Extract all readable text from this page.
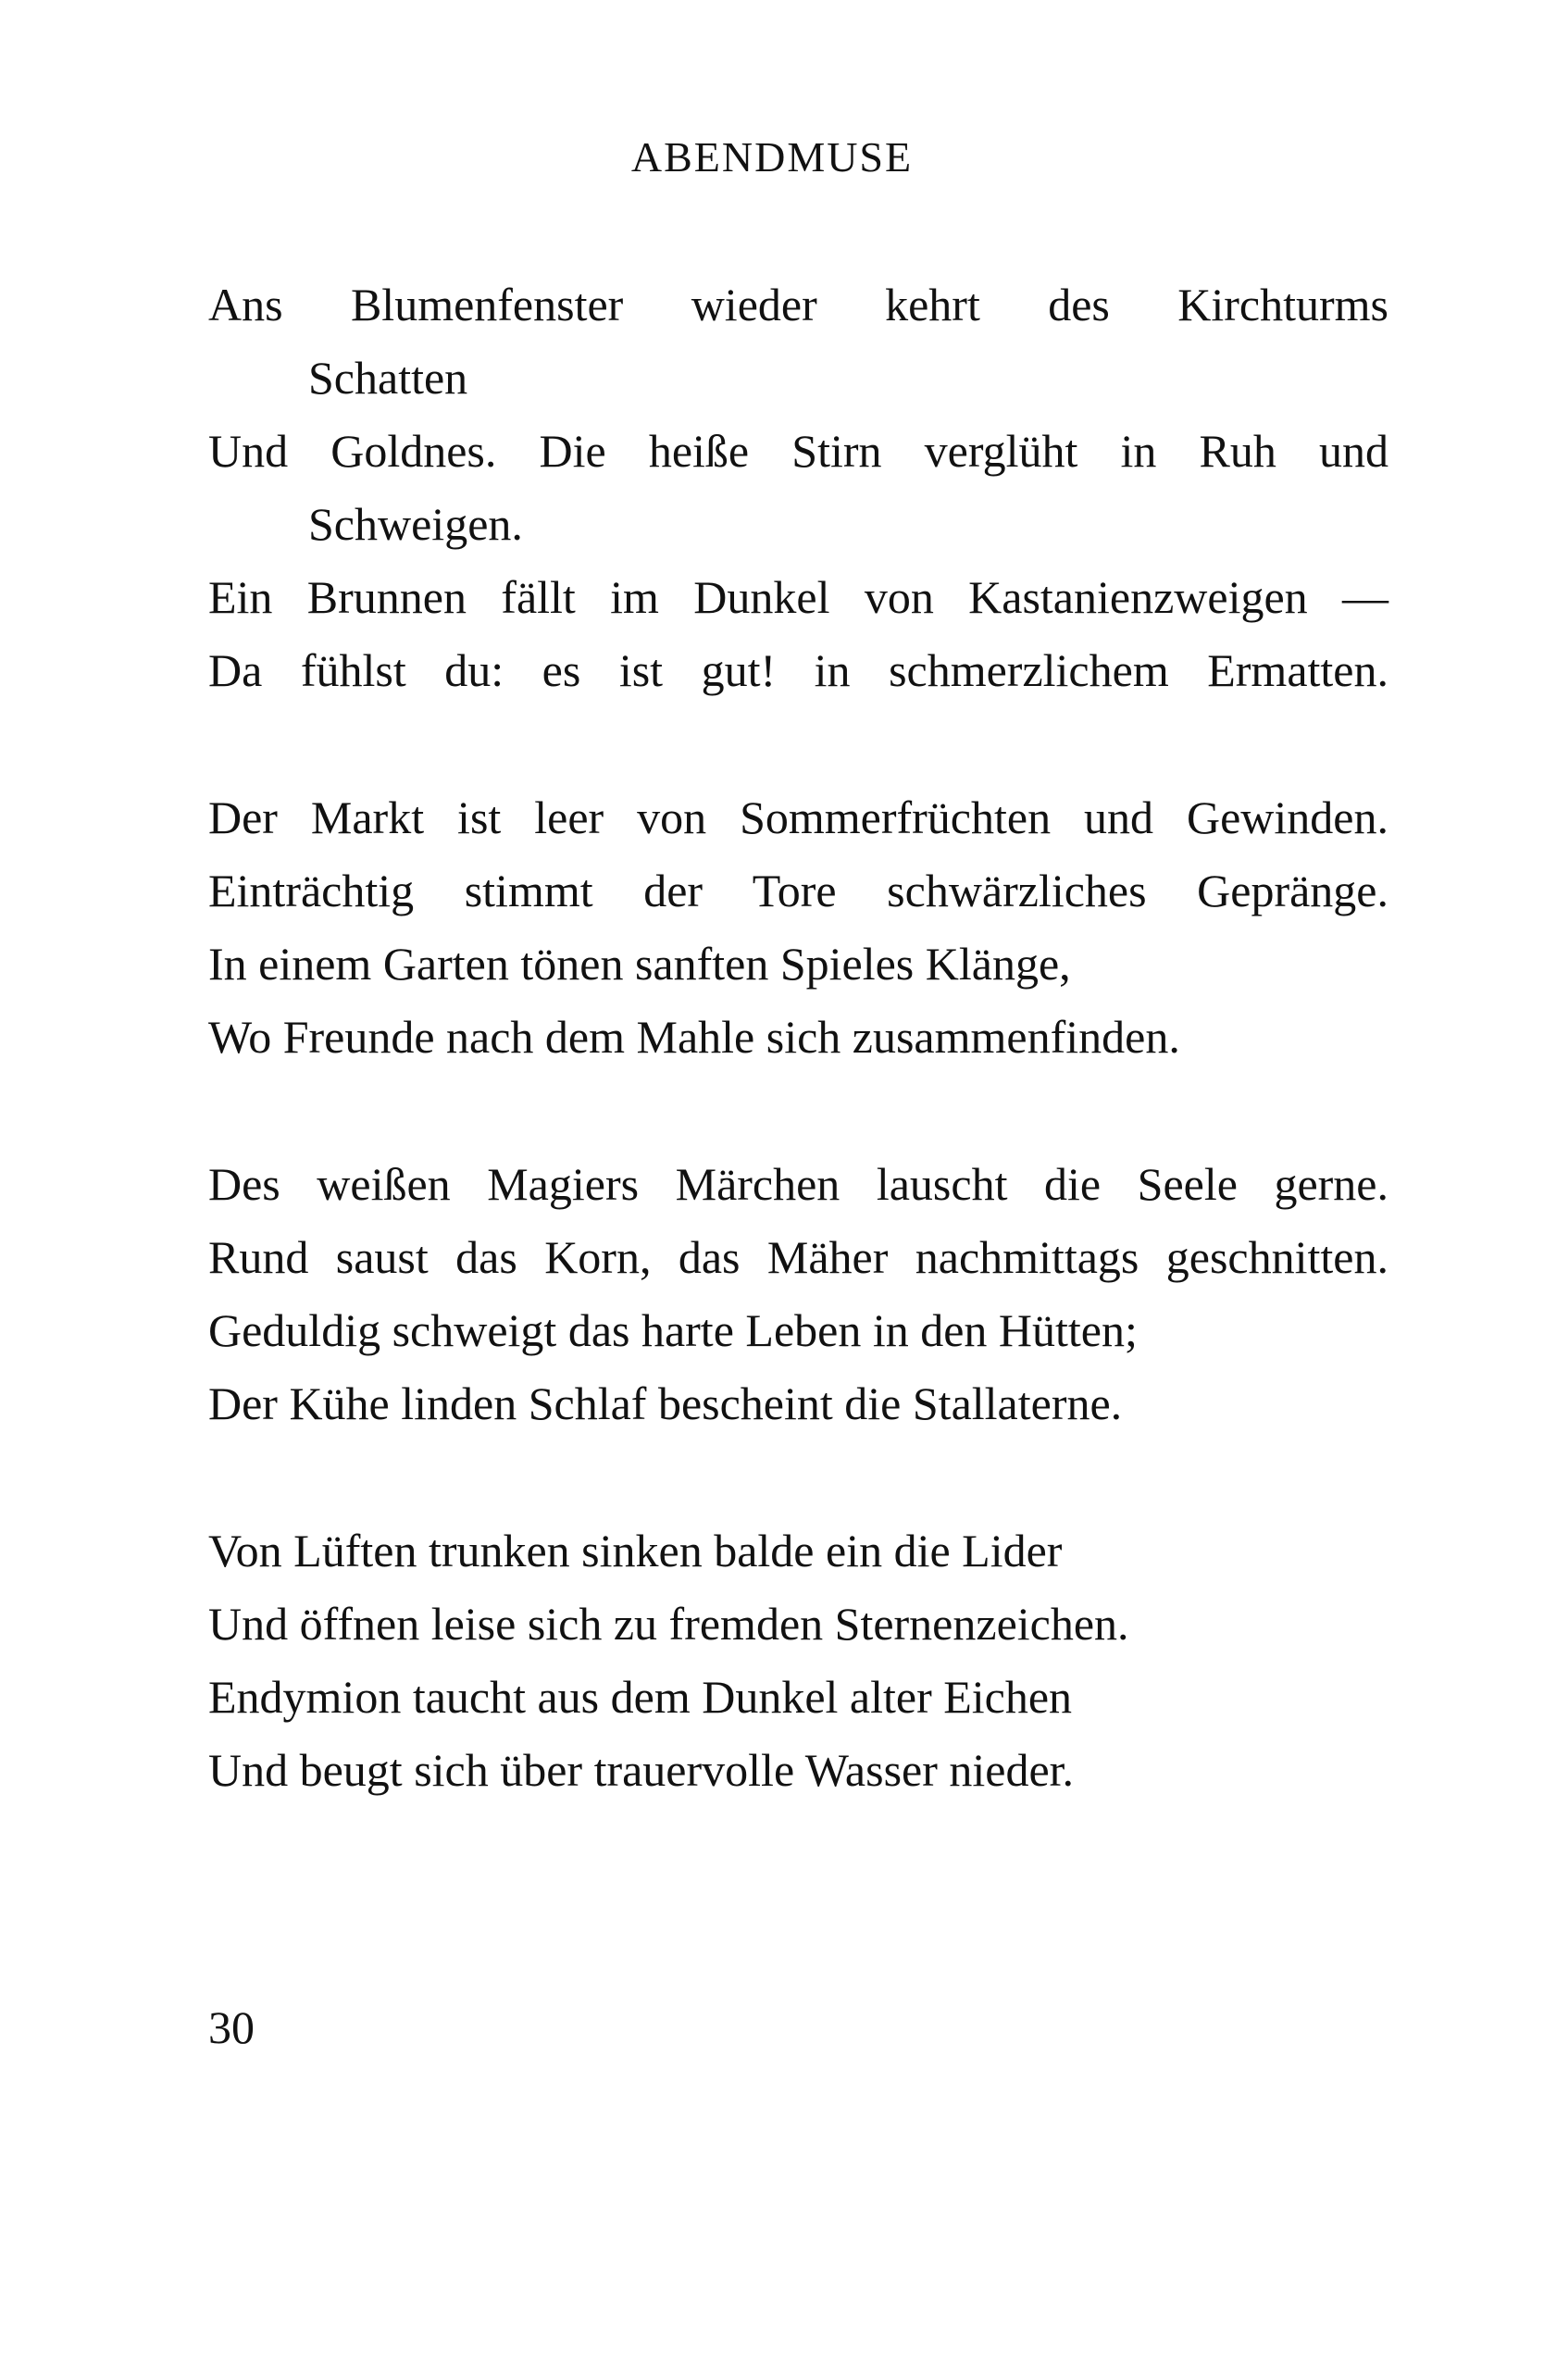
ABENDMUSE
Ans Blumenfenster wieder kehrt des Kirchturms
Schatten
Und Goldnes. Die heiße Stirn verglüht in Ruh und
Schweigen.
Ein Brunnen fällt im Dunkel von Kastanienzweigen —
Da fühlst du: es ist gut! in schmerzlichem Ermatten.
Der Markt ist leer von Sommerfrüchten und Gewinden.
Einträchtig stimmt der Tore schwärzliches Gepränge.
In einem Garten tönen sanften Spieles Klänge,
Wo Freunde nach dem Mahle sich zusammenfinden.
Des weißen Magiers Märchen lauscht die Seele gerne.
Rund saust das Korn, das Mäher nachmittags geschnitten.
Geduldig schweigt das harte Leben in den Hütten;
Der Kühe linden Schlaf bescheint die Stallaterne.
Von Lüften trunken sinken balde ein die Lider
Und öffnen leise sich zu fremden Sternenzeichen.
Endymion taucht aus dem Dunkel alter Eichen
Und beugt sich über trauervolle Wasser nieder.
30
